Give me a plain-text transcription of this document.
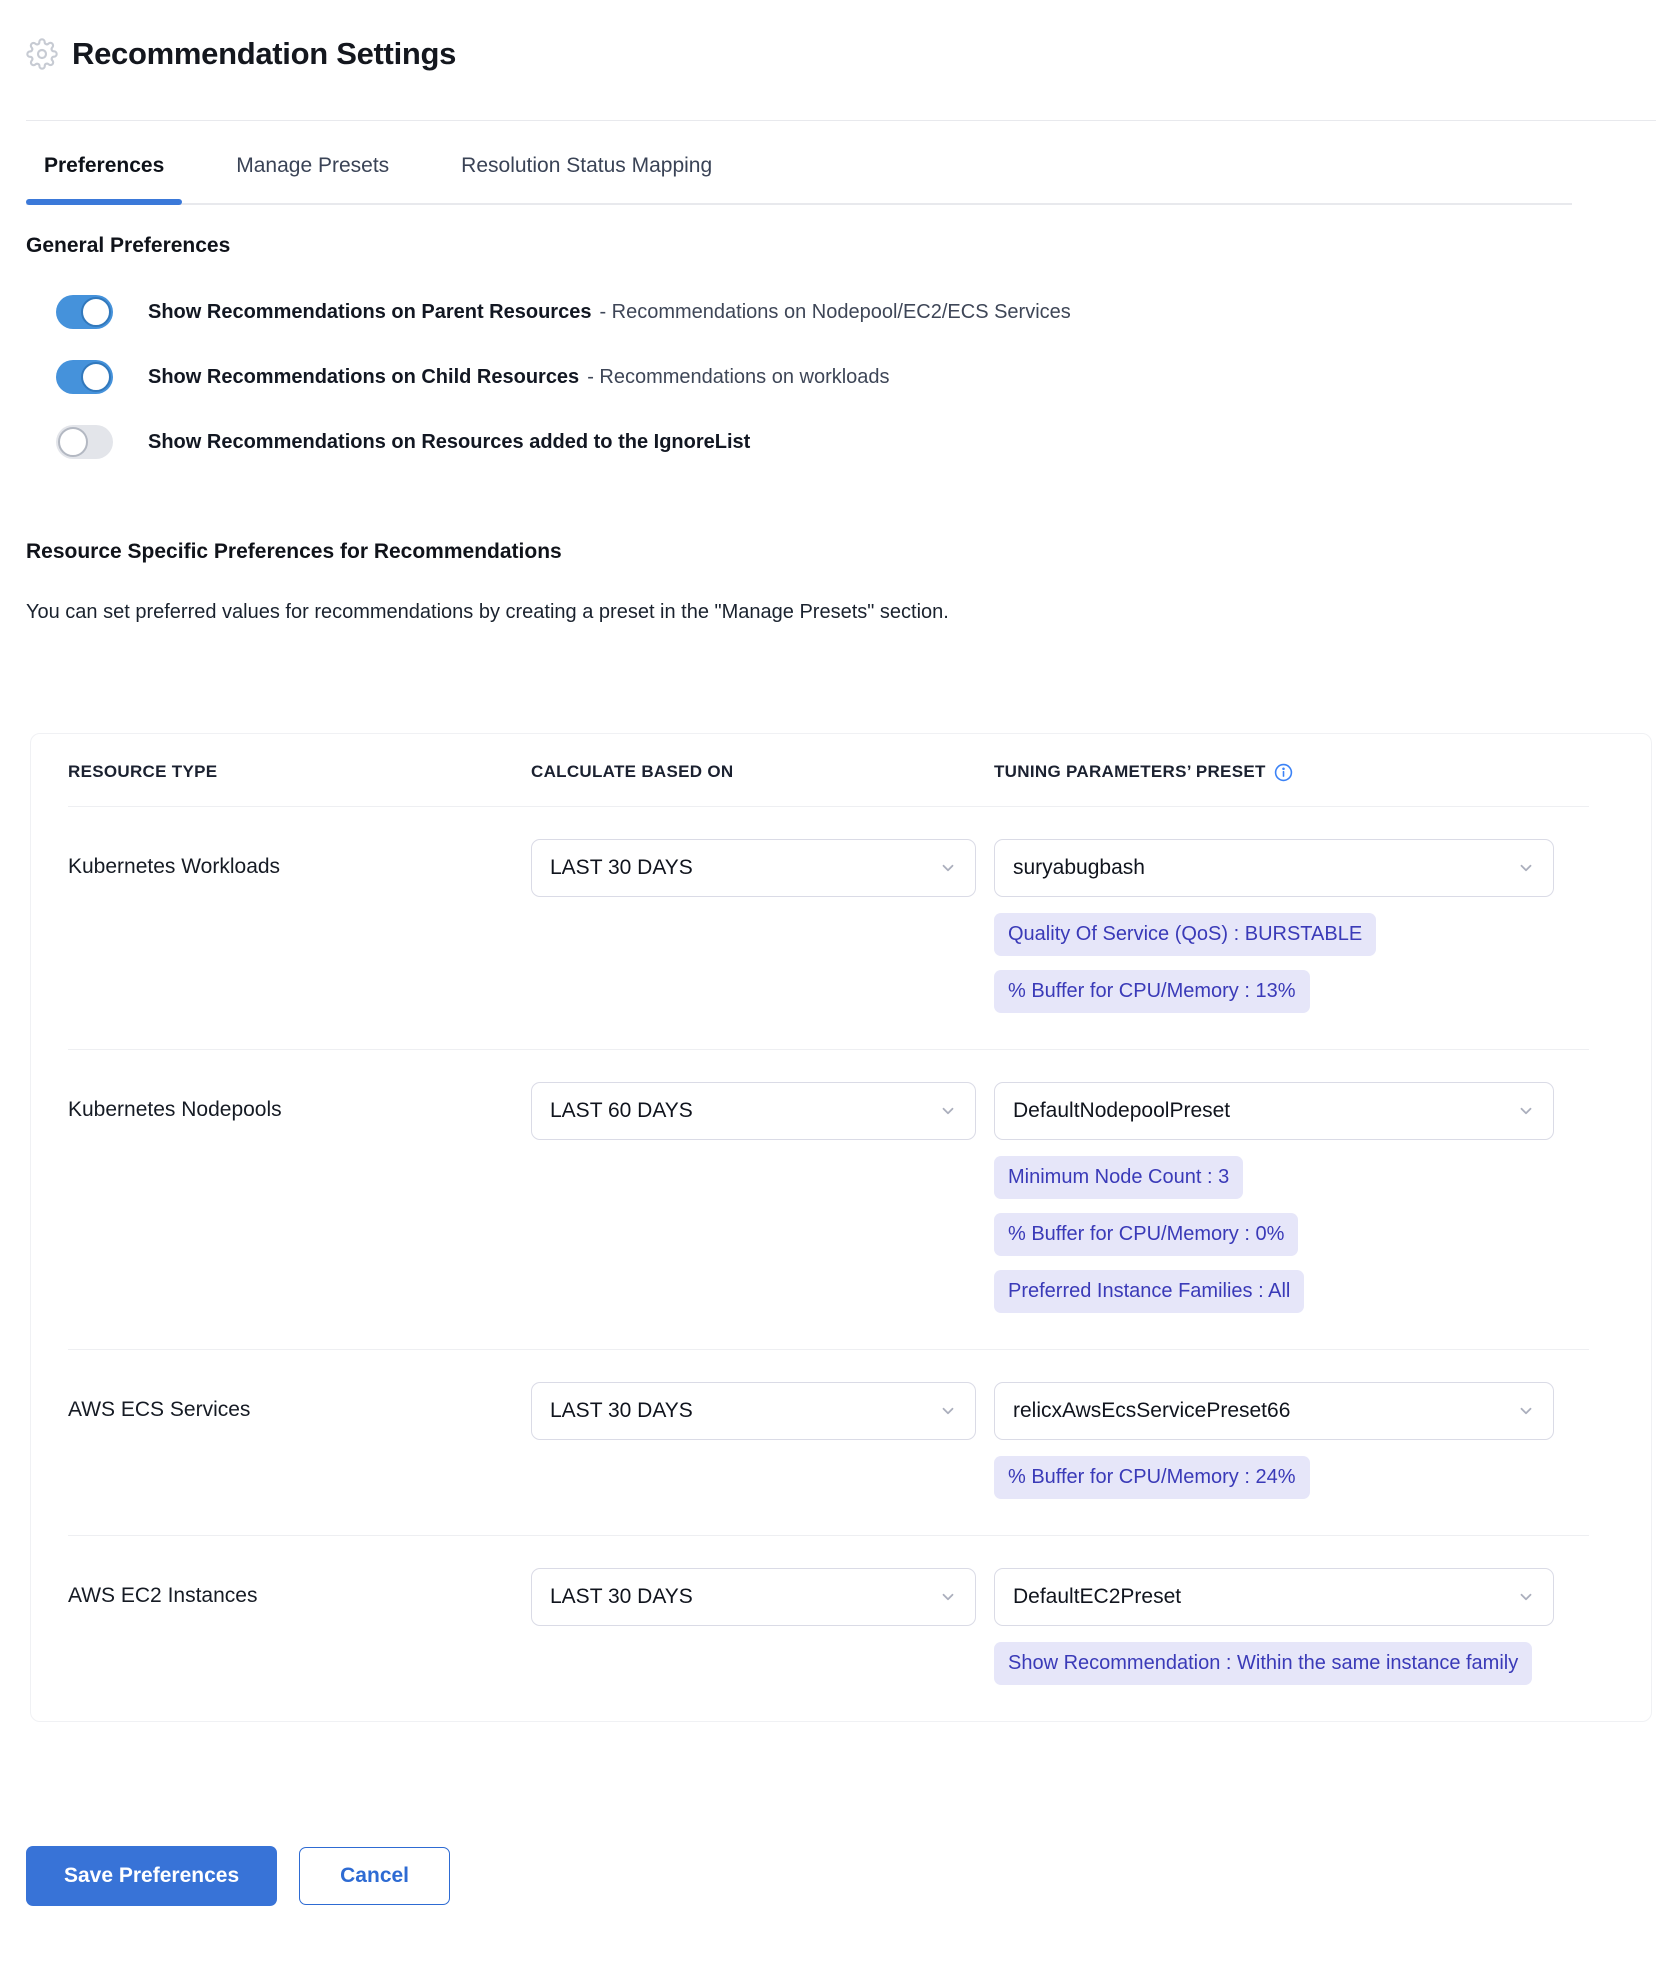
Recommendation Settings
Preferences	Manage Presets	Resolution Status Mapping
General Preferences
Show Recommendations on Parent Resources - Recommendations on Nodepool/EC2/ECS Services
Show Recommendations on Child Resources - Recommendations on workloads
Show Recommendations on Resources added to the IgnoreList
Resource Specific Preferences for Recommendations

You can set preferred values for recommendations by creating a preset in the "Manage Presets" section.

RESOURCE TYPE	CALCULATE BASED ON	TUNING PARAMETERS’ PRESET
Kubernetes Workloads	LAST 30 DAYS	suryabugbash
Quality Of Service (QoS) : BURSTABLE
% Buffer for CPU/Memory : 13%
Kubernetes Nodepools	LAST 60 DAYS	DefaultNodepoolPreset
Minimum Node Count : 3
% Buffer for CPU/Memory : 0%
Preferred Instance Families : All
AWS ECS Services	LAST 30 DAYS	relicxAwsEcsServicePreset66
% Buffer for CPU/Memory : 24%
AWS EC2 Instances	LAST 30 DAYS	DefaultEC2Preset
Show Recommendation : Within the same instance family
Save Preferences	Cancel
